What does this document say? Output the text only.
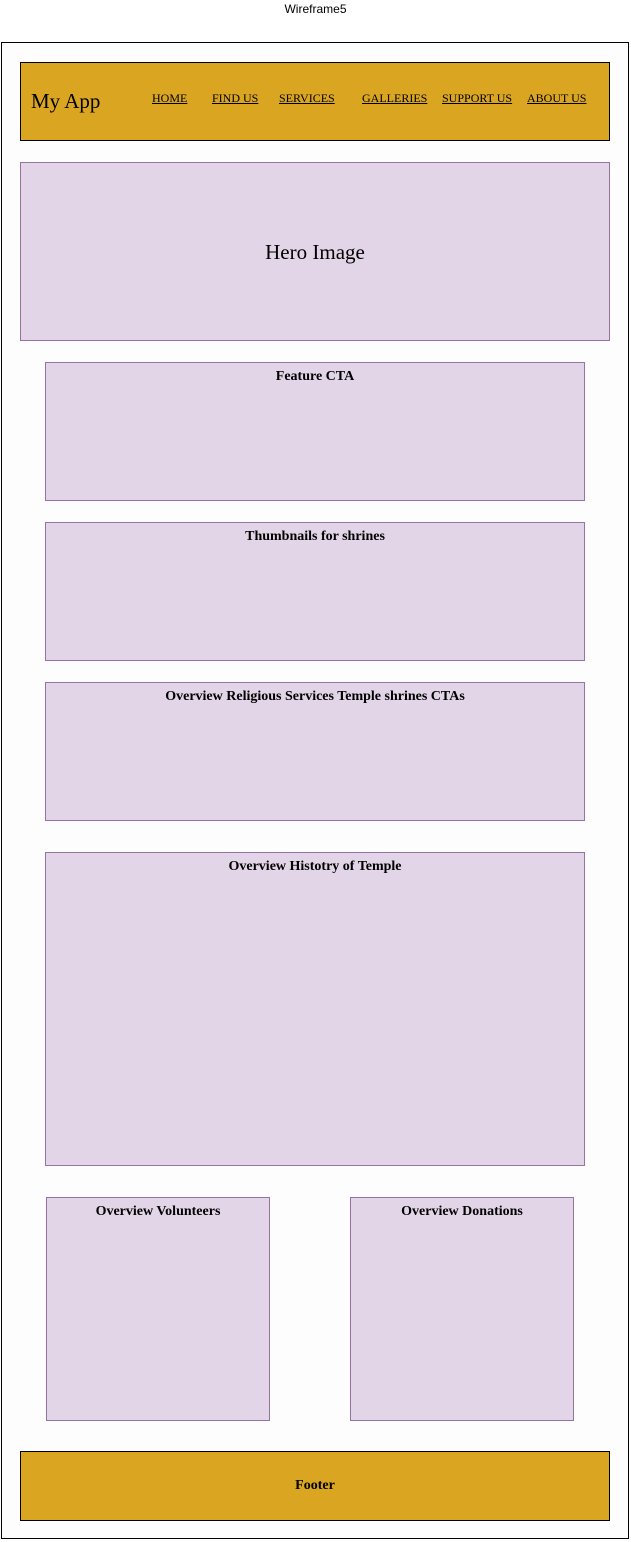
Wireframe5
My App	HOME FIND US SERVICES GALLERIES SUPPORT US ABOUT US
Hero Image
Feature CTA
Thumbnails for shrines
Overview Religious Services Temple shrines CTAs
Overview Histotry of Temple
Overview Volunteers	Overview Donations
Footer
